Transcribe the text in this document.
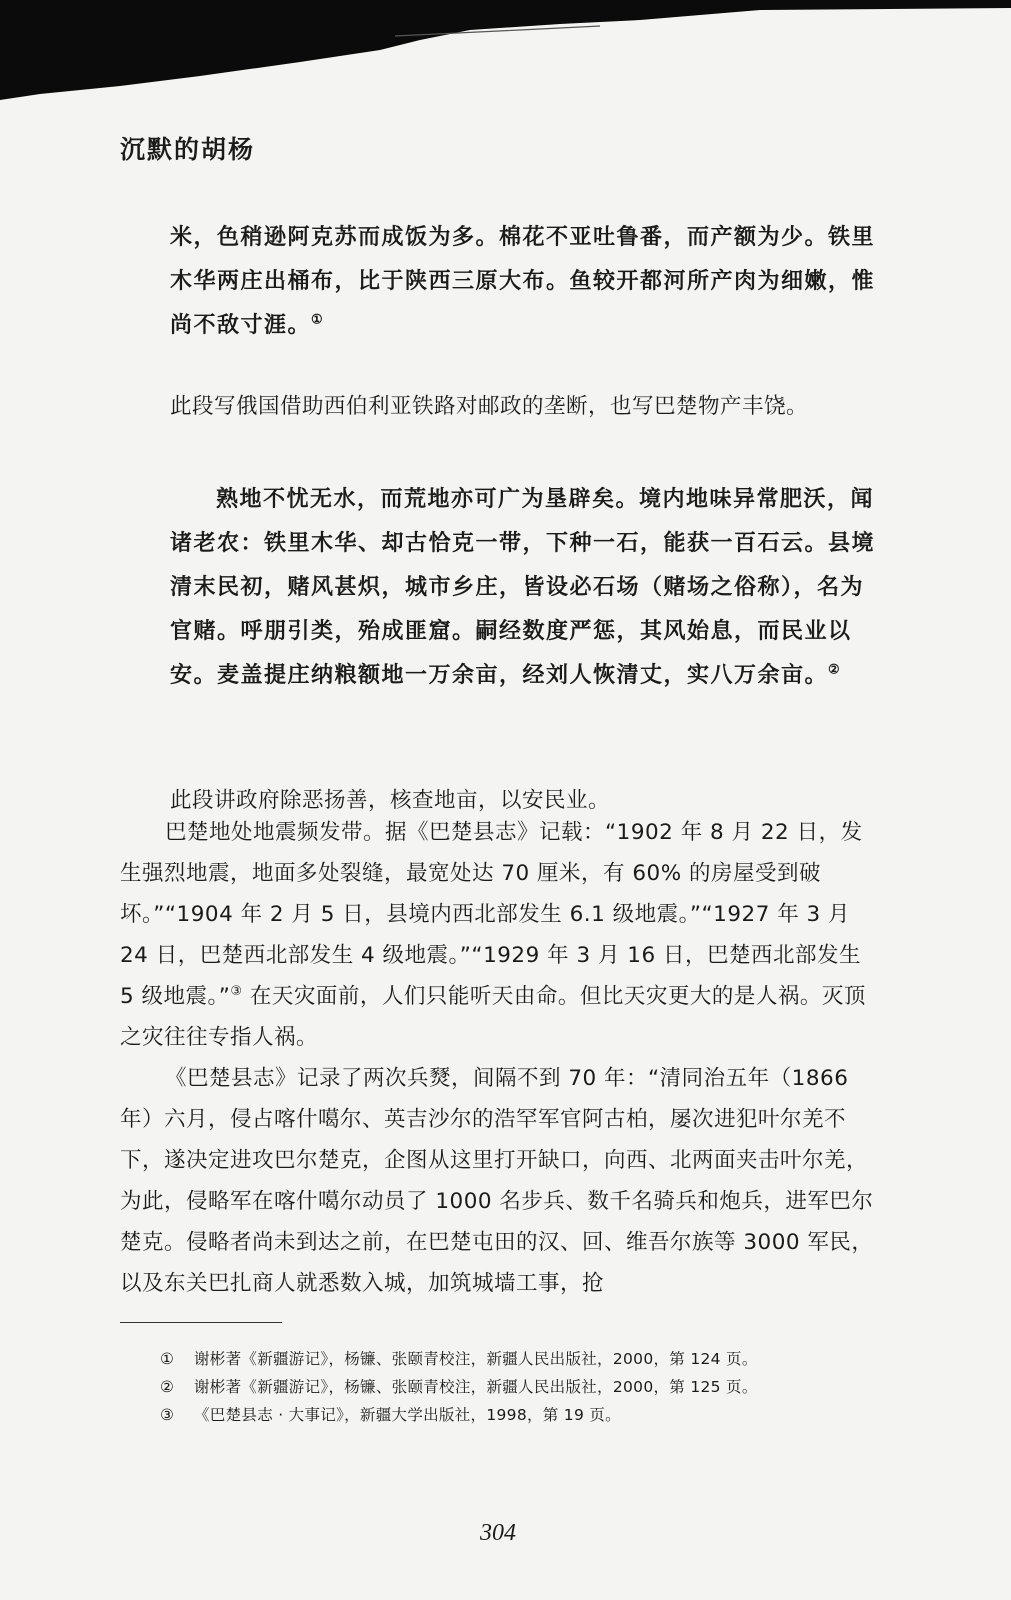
沉默的胡杨
米，色稍逊阿克苏而成饭为多。棉花不亚吐鲁番，而产额为少。铁里木华两庄出桶布，比于陕西三原大布。鱼较开都河所产肉为细嫩，惟尚不敌寸涯。①
此段写俄国借助西伯利亚铁路对邮政的垄断，也写巴楚物产丰饶。
熟地不忧无水，而荒地亦可广为垦辟矣。境内地味异常肥沃，闻诸老农：铁里木华、却古恰克一带，下种一石，能获一百石云。县境清末民初，赌风甚炽，城市乡庄，皆设必石场（赌场之俗称），名为官赌。呼朋引类，殆成匪窟。嗣经数度严惩，其风始息，而民业以安。麦盖提庄纳粮额地一万余亩，经刘人恢清丈，实八万余亩。②
此段讲政府除恶扬善，核查地亩，以安民业。

巴楚地处地震频发带。据《巴楚县志》记载：“1902 年 8 月 22 日，发生强烈地震，地面多处裂缝，最宽处达 70 厘米，有 60% 的房屋受到破坏。”“1904 年 2 月 5 日，县境内西北部发生 6.1 级地震。”“1927 年 3 月 24 日，巴楚西北部发生 4 级地震。”“1929 年 3 月 16 日，巴楚西北部发生 5 级地震。”③ 在天灾面前，人们只能听天由命。但比天灾更大的是人祸。灭顶之灾往往专指人祸。

《巴楚县志》记录了两次兵燹，间隔不到 70 年：“清同治五年（1866 年）六月，侵占喀什噶尔、英吉沙尔的浩罕军官阿古柏，屡次进犯叶尔羌不下，遂决定进攻巴尔楚克，企图从这里打开缺口，向西、北两面夹击叶尔羌，为此，侵略军在喀什噶尔动员了 1000 名步兵、数千名骑兵和炮兵，进军巴尔楚克。侵略者尚未到达之前，在巴楚屯田的汉、回、维吾尔族等 3000 军民，以及东关巴扎商人就悉数入城，加筑城墙工事，抢

① 谢彬著《新疆游记》，杨镰、张颐青校注，新疆人民出版社，2000，第 124 页。
② 谢彬著《新疆游记》，杨镰、张颐青校注，新疆人民出版社，2000，第 125 页。
③ 《巴楚县志 · 大事记》，新疆大学出版社，1998，第 19 页。
304
